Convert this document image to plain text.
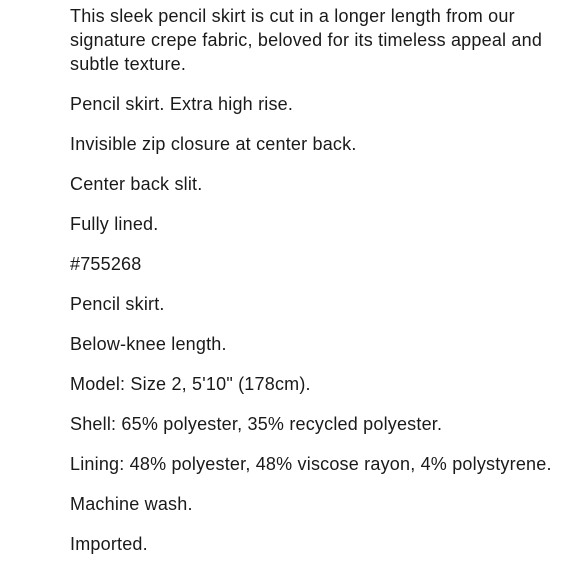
This sleek pencil skirt is cut in a longer length from our signature crepe fabric, beloved for its timeless appeal and subtle texture.

Pencil skirt. Extra high rise.

Invisible zip closure at center back.

Center back slit.

Fully lined.

#755268

Pencil skirt.

Below-knee length.

Model: Size 2, 5'10" (178cm).

Shell: 65% polyester, 35% recycled polyester.

Lining: 48% polyester, 48% viscose rayon, 4% polystyrene.

Machine wash.

Imported.
